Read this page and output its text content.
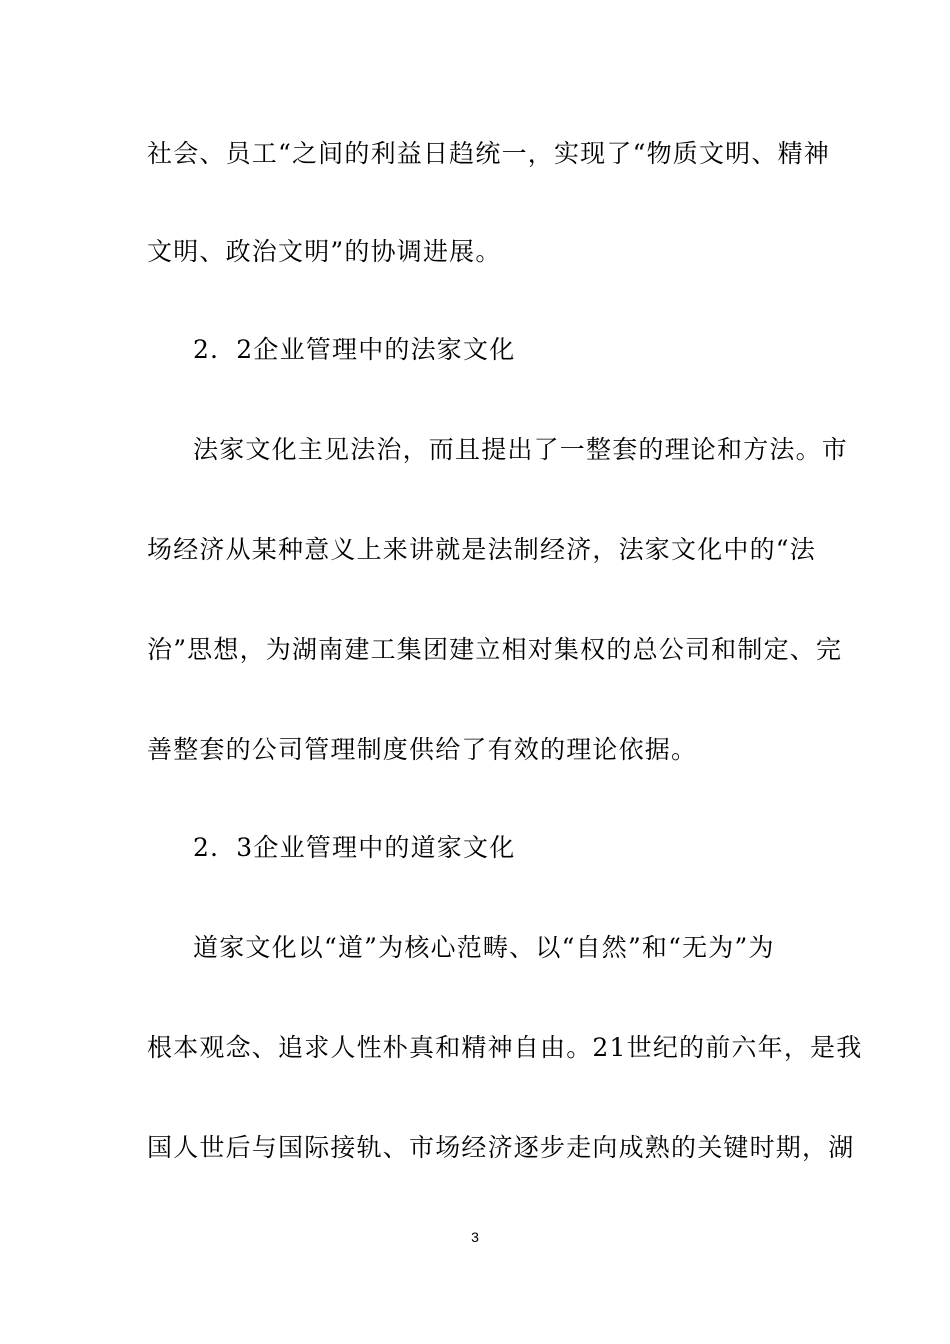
社会、员工“之间的利益日趋统一，实现了“物质文明、精神
文明、政治文明”的协调进展。
2．2企业管理中的法家文化
法家文化主见法治，而且提出了一整套的理论和方法。市
场经济从某种意义上来讲就是法制经济，法家文化中的“法
治”思想，为湖南建工集团建立相对集权的总公司和制定、完
善整套的公司管理制度供给了有效的理论依据。
2．3企业管理中的道家文化
道家文化以“道”为核心范畴、以“自然”和“无为”为
根本观念、追求人性朴真和精神自由。21世纪的前六年，是我
国人世后与国际接轨、市场经济逐步走向成熟的关键时期，湖
3
